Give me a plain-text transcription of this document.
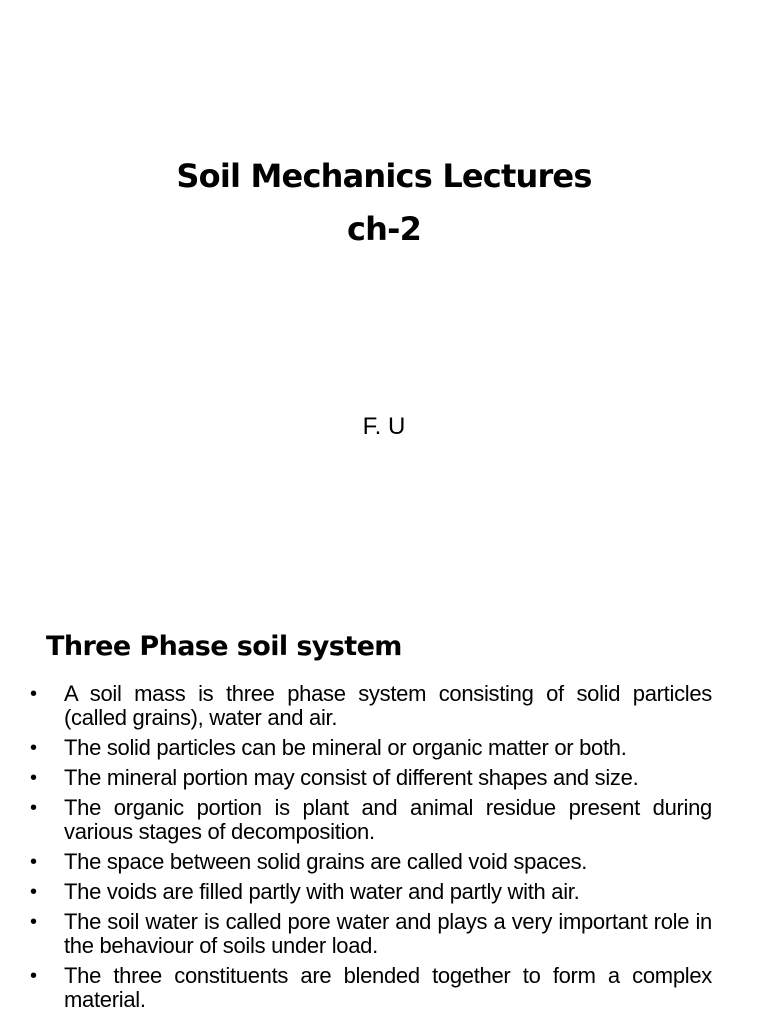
Soil Mechanics Lectures
ch-2
F. U
Three Phase soil system
•	A soil mass is three phase system consisting of solid particles (called grains), water and air.
•	The solid particles can be mineral or organic matter or both.
•	The mineral portion may consist of different shapes and size.
•	The organic portion is plant and animal residue present during various stages of decomposition.
•	The space between solid grains are called void spaces.
•	The voids are filled partly with water and partly with air.
•	The soil water is called pore water and plays a very important role in the behaviour of soils under load.
•	The three constituents are blended together to form a complex material.
